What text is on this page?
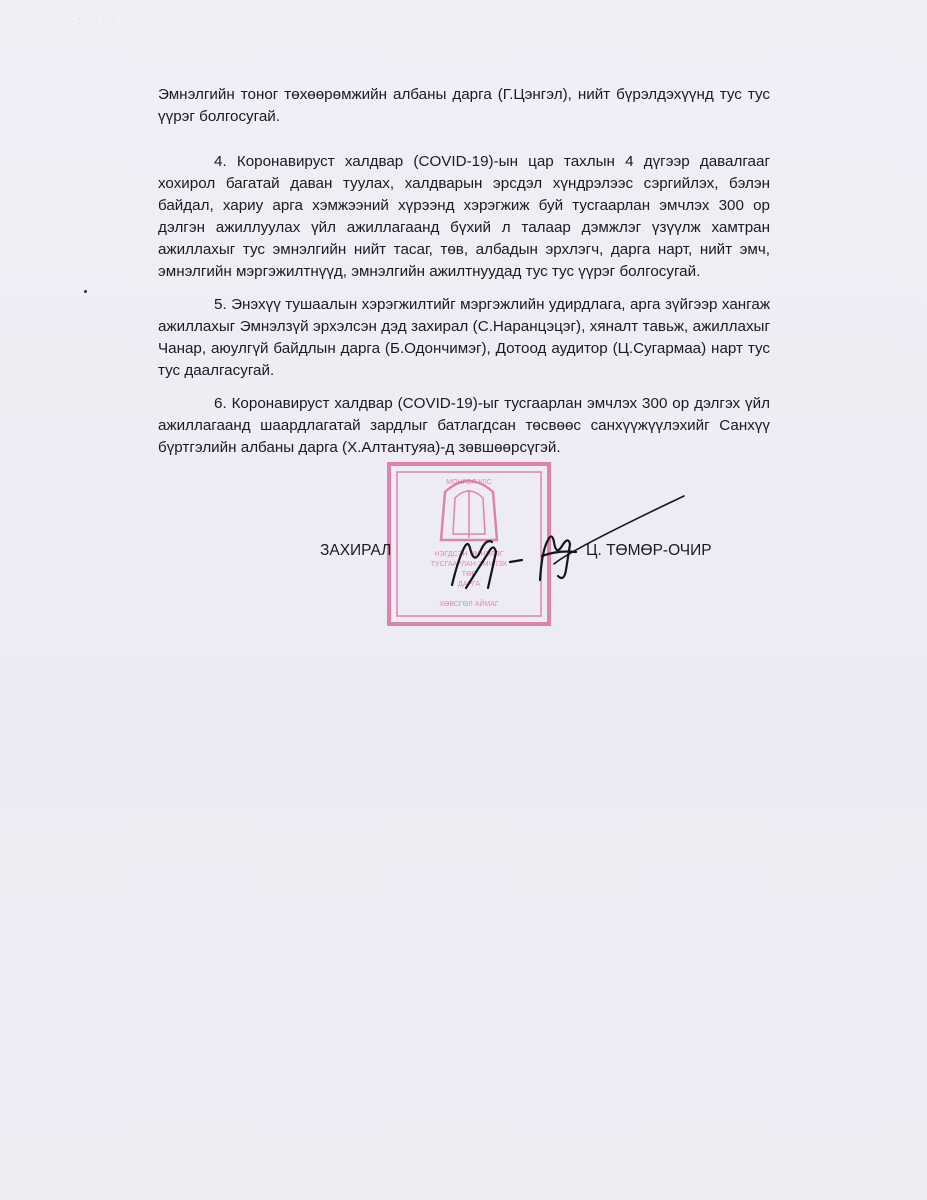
· · · ·

Эмнэлгийн тоног төхөөрөмжийн албаны дарга (Г.Цэнгэл), нийт бүрэлдэхүүнд тус тус үүрэг болгосугай.

4. Коронавируст халдвар (COVID-19)-ын цар тахлын 4 дүгээр давалгааг хохирол багатай даван туулах, халдварын эрсдэл хүндрэлээс сэргийлэх, бэлэн байдал, хариу арга хэмжээний хүрээнд хэрэгжиж буй тусгаарлан эмчлэх 300 ор дэлгэн ажиллуулах үйл ажиллагаанд бүхий л талаар дэмжлэг үзүүлж хамтран ажиллахыг тус эмнэлгийн нийт тасаг, төв, албадын эрхлэгч, дарга нарт, нийт эмч, эмнэлгийн мэргэжилтнүүд, эмнэлгийн ажилтнуудад тус тус үүрэг болгосугай.

5. Энэхүү тушаалын хэрэгжилтийг мэргэжлийн удирдлага, арга зүйгээр хангаж ажиллахыг Эмнэлзүй эрхэлсэн дэд захирал (С.Наранцэцэг), хяналт тавьж, ажиллахыг Чанар, аюулгүй байдлын дарга (Б.Одончимэг), Дотоод аудитор (Ц.Сугармаа) нарт тус тус даалгасугай.

6. Коронавируст халдвар (COVID-19)-ыг тусгаарлан эмчлэх 300 ор дэлгэх үйл ажиллагаанд шаардлагатай зардлыг батлагдсан төсвөөс санхүүжүүлэхийг Санхүү бүртгэлийн албаны дарга (Х.Алтантуяа)-д зөвшөөрсүгэй.

МОНГОЛ УЛС
НЭГДСЭН ЭМНЭЛЭГ
ТУСГААРЛАН ЭМЧЛЭХ
ТӨВ
ДАРГА
ХӨВСГӨЛ АЙМАГ
ЗАХИРАЛ	Ц. ТӨМӨР-ОЧИР
